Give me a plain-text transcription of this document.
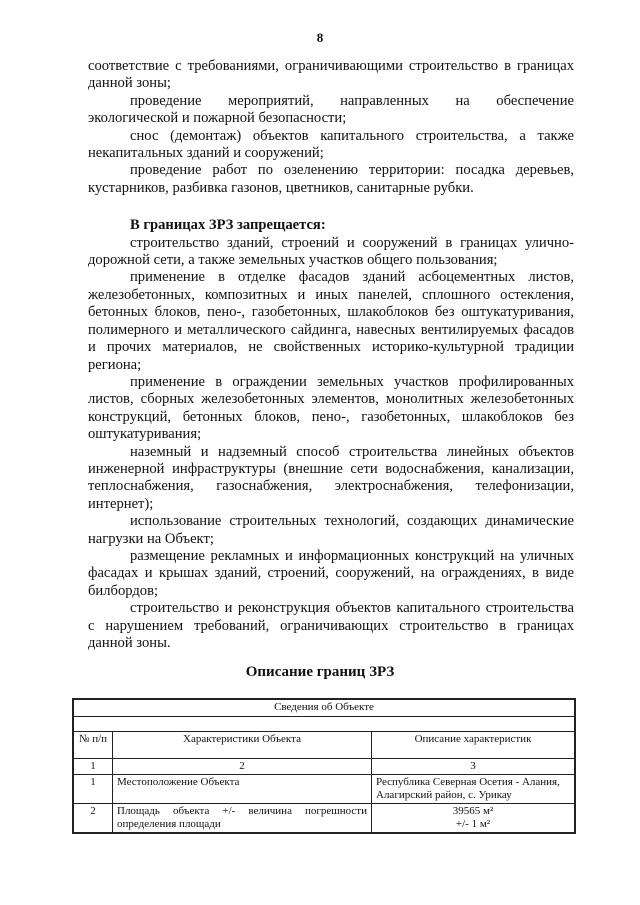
8

соответствие с требованиями, ограничивающими строительство в границах данной зоны;

проведение мероприятий, направленных на обеспечение экологической и пожарной безопасности;

снос (демонтаж) объектов капитального строительства, а также некапитальных зданий и сооружений;

проведение работ по озеленению территории: посадка деревьев, кустарников, разбивка газонов, цветников, санитарные рубки.

В границах ЗРЗ запрещается:

строительство зданий, строений и сооружений в границах улично-дорожной сети, а также земельных участков общего пользования;

применение в отделке фасадов зданий асбоцементных листов, железобетонных, композитных и иных панелей, сплошного остекления, бетонных блоков, пено-, газобетонных, шлакоблоков без оштукатуривания, полимерного и металлического сайдинга, навесных вентилируемых фасадов и прочих материалов, не свойственных историко-культурной традиции региона;

применение в ограждении земельных участков профилированных листов, сборных железобетонных элементов, монолитных железобетонных конструкций, бетонных блоков, пено-, газобетонных, шлакоблоков без оштукатуривания;

наземный и надземный способ строительства линейных объектов инженерной инфраструктуры (внешние сети водоснабжения, канализации, теплоснабжения, газоснабжения, электроснабжения, телефонизации, интернет);

использование строительных технологий, создающих динамические нагрузки на Объект;

размещение рекламных и информационных конструкций на уличных фасадах и крышах зданий, строений, сооружений, на ограждениях, в виде билбордов;

строительство и реконструкция объектов капитального строительства с нарушением требований, ограничивающих строительство в границах данной зоны.

Описание границ ЗРЗ
Сведения об Объекте		

№ п/п	Характеристики Объекта	Описание характеристик
1	2	3
1	Местоположение Объекта	Республика Северная Осетия - Алания, Алагирский район, с. Урикау
2	Площадь объекта +/- величина погрешности определения площади	39565 м²
+/- 1 м²
